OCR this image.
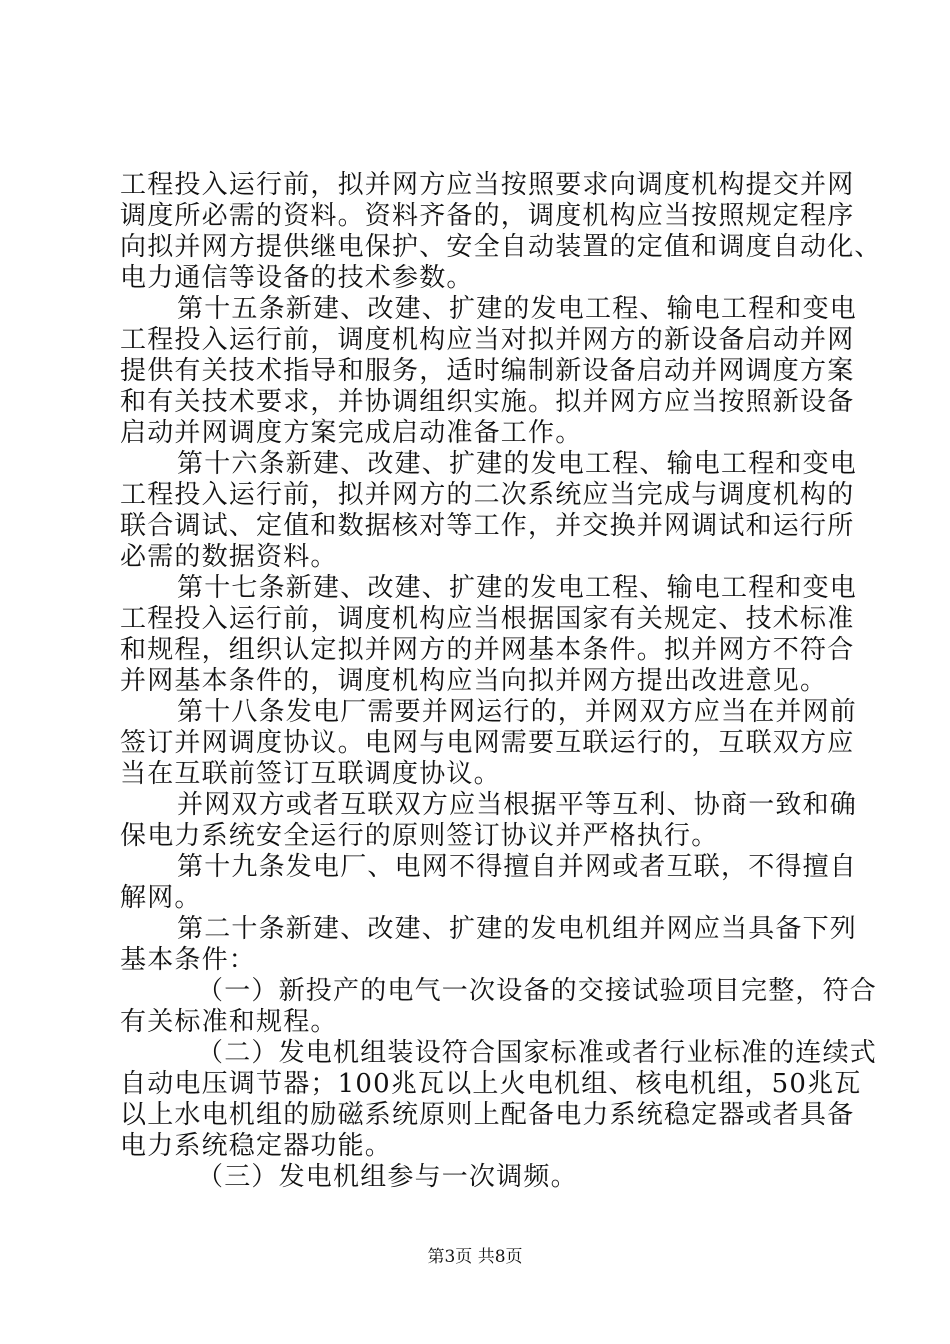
工程投入运行前，拟并网方应当按照要求向调度机构提交并网
调度所必需的资料。资料齐备的，调度机构应当按照规定程序
向拟并网方提供继电保护、安全自动装置的定值和调度自动化、
电力通信等设备的技术参数。
第十五条新建、改建、扩建的发电工程、输电工程和变电
工程投入运行前，调度机构应当对拟并网方的新设备启动并网
提供有关技术指导和服务，适时编制新设备启动并网调度方案
和有关技术要求，并协调组织实施。拟并网方应当按照新设备
启动并网调度方案完成启动准备工作。
第十六条新建、改建、扩建的发电工程、输电工程和变电
工程投入运行前，拟并网方的二次系统应当完成与调度机构的
联合调试、定值和数据核对等工作，并交换并网调试和运行所
必需的数据资料。
第十七条新建、改建、扩建的发电工程、输电工程和变电
工程投入运行前，调度机构应当根据国家有关规定、技术标准
和规程，组织认定拟并网方的并网基本条件。拟并网方不符合
并网基本条件的，调度机构应当向拟并网方提出改进意见。
第十八条发电厂需要并网运行的，并网双方应当在并网前
签订并网调度协议。电网与电网需要互联运行的，互联双方应
当在互联前签订互联调度协议。
并网双方或者互联双方应当根据平等互利、协商一致和确
保电力系统安全运行的原则签订协议并严格执行。
第十九条发电厂、电网不得擅自并网或者互联，不得擅自
解网。
第二十条新建、改建、扩建的发电机组并网应当具备下列
基本条件：
（一）新投产的电气一次设备的交接试验项目完整，符合
有关标准和规程。
（二）发电机组装设符合国家标准或者行业标准的连续式
自动电压调节器；100兆瓦以上火电机组、核电机组，50兆瓦
以上水电机组的励磁系统原则上配备电力系统稳定器或者具备
电力系统稳定器功能。
（三）发电机组参与一次调频。
第3页 共8页
